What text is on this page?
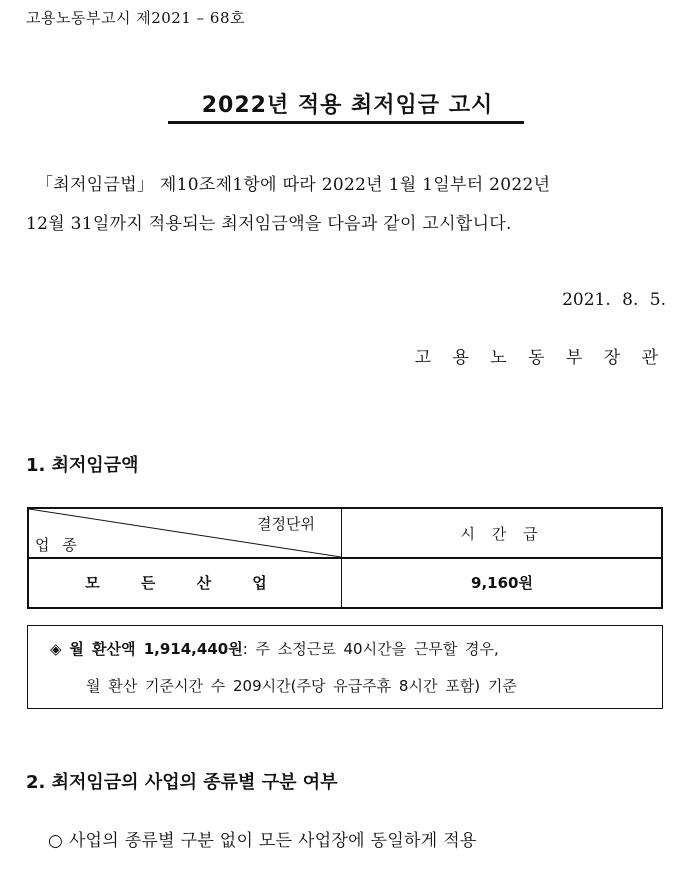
고용노동부고시 제2021 – 68호
2022년 적용 최저임금 고시
「최저임금법」 제10조제1항에 따라 2022년 1월 1일부터 2022년
12월 31일까지 적용되는 최저임금액을 다음과 같이 고시합니다.
2021. 8. 5.
고 용 노 동 부 장 관
1. 최저임금액
결정단위
업 종
시 간 급
모 든 산 업	9,160원
◈ 월 환산액 1,914,440원: 주 소정근로 40시간을 근무할 경우,
월 환산 기준시간 수 209시간(주당 유급주휴 8시간 포함) 기준
2. 최저임금의 사업의 종류별 구분 여부
○ 사업의 종류별 구분 없이 모든 사업장에 동일하게 적용
